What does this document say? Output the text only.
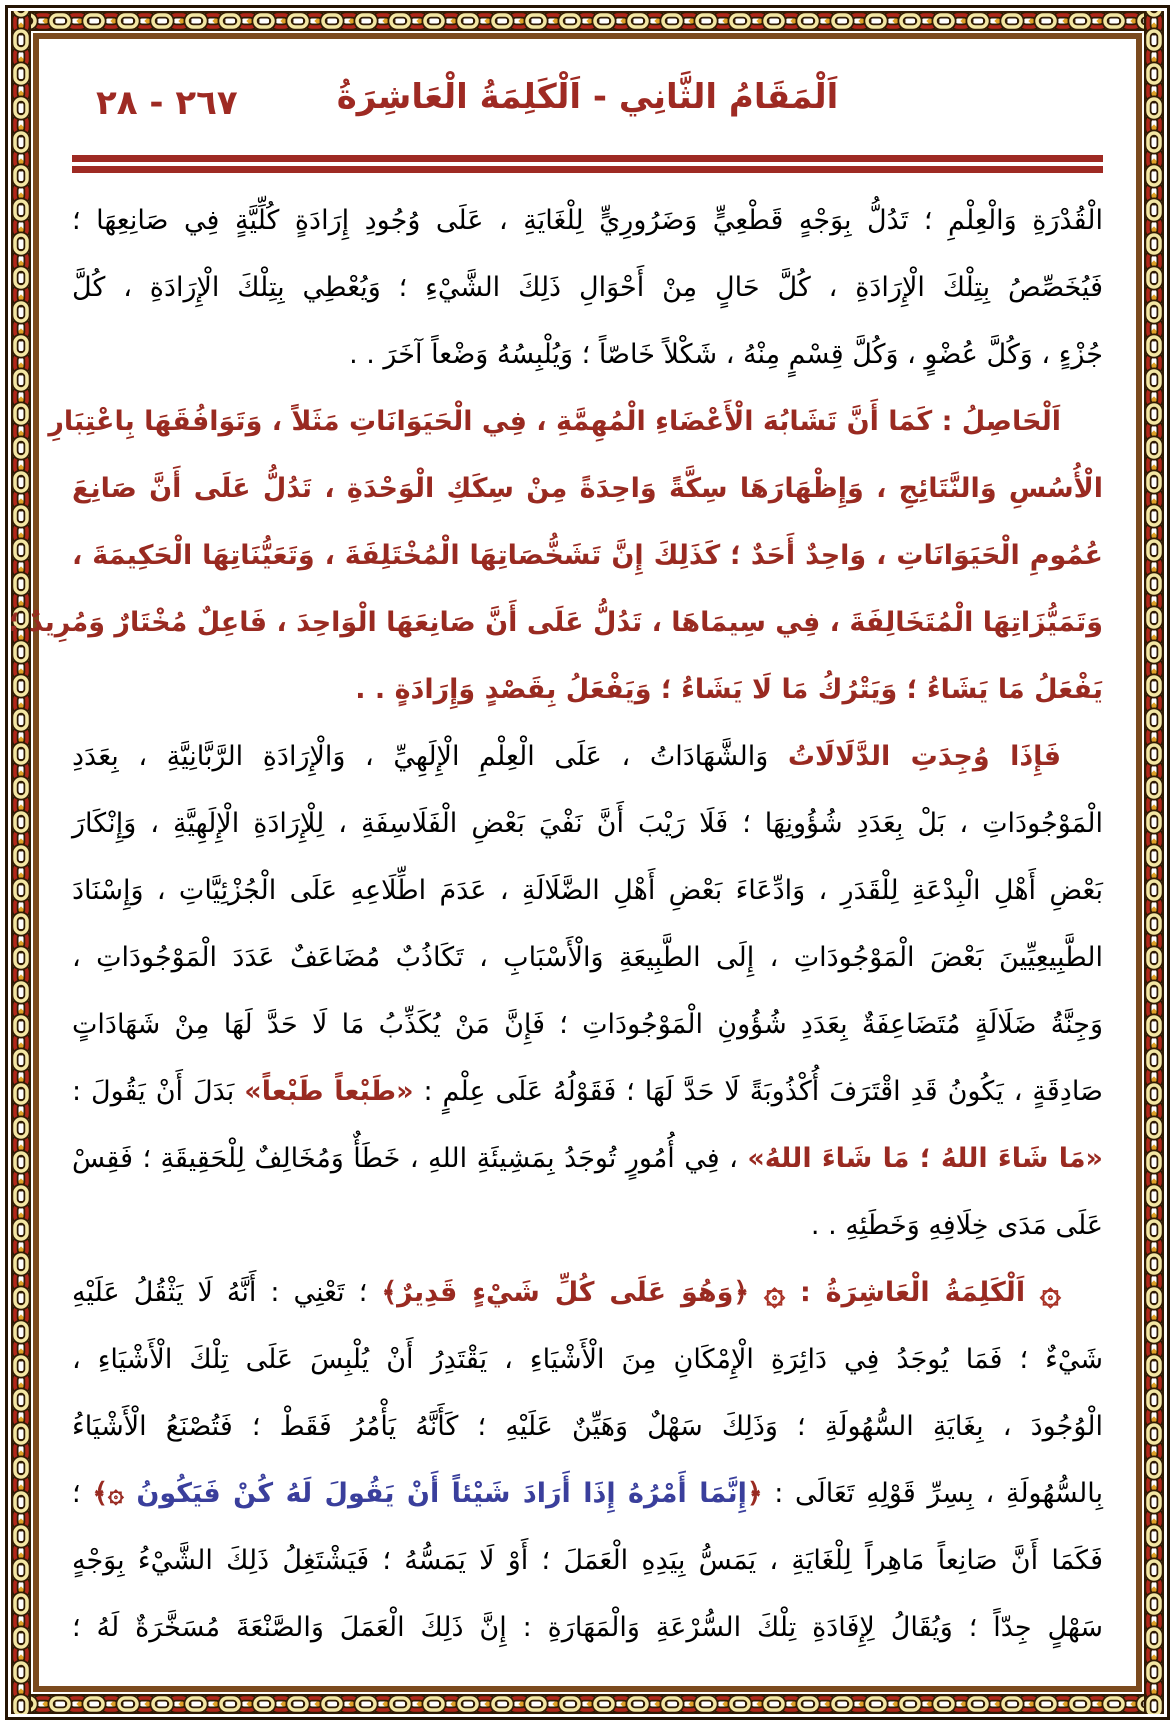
٢٦٧ - ٢٨	اَلْمَقَامُ الثَّانِي - اَلْكَلِمَةُ الْعَاشِرَةُ
الْقُدْرَةِ وَالْعِلْمِ ؛ تَدُلُّ بِوَجْهٍ قَطْعِيٍّ وَضَرُورِيٍّ لِلْغَايَةِ ، عَلَى وُجُودِ إِرَادَةٍ كُلِّيَّةٍ فِي صَانِعِهَا ؛
فَيُخَصِّصُ بِتِلْكَ الْإِرَادَةِ ، كُلَّ حَالٍ مِنْ أَحْوَالِ ذَلِكَ الشَّيْءِ ؛ وَيُعْطِي بِتِلْكَ الْإِرَادَةِ ، كُلَّ
جُزْءٍ ، وَكُلَّ عُضْوٍ ، وَكُلَّ قِسْمٍ مِنْهُ ، شَكْلاً خَاصّاً ؛ وَيُلْبِسُهُ وَضْعاً آخَرَ . .
اَلْحَاصِلُ : كَمَا أَنَّ تَشَابُهَ الْأَعْضَاءِ الْمُهِمَّةِ ، فِي الْحَيَوَانَاتِ مَثَلاً ، وَتَوَافُقَهَا بِاعْتِبَارِ
الْأُسُسِ وَالنَّتَائِجِ ، وَإِظْهَارَهَا سِكَّةً وَاحِدَةً مِنْ سِكَكِ الْوَحْدَةِ ، تَدُلُّ عَلَى أَنَّ صَانِعَ
عُمُومِ الْحَيَوَانَاتِ ، وَاحِدٌ أَحَدٌ ؛ كَذَلِكَ إِنَّ تَشَخُّصَاتِهَا الْمُخْتَلِفَةَ ، وَتَعَيُّنَاتِهَا الْحَكِيمَةَ ،
وَتَمَيُّزَاتِهَا الْمُتَخَالِفَةَ ، فِي سِيمَاهَا ، تَدُلُّ عَلَى أَنَّ صَانِعَهَا الْوَاحِدَ ، فَاعِلٌ مُخْتَارٌ وَمُرِيدٌ ؛
يَفْعَلُ مَا يَشَاءُ ؛ وَيَتْرُكُ مَا لَا يَشَاءُ ؛ وَيَفْعَلُ بِقَصْدٍ وَإِرَادَةٍ . .
فَإِذَا وُجِدَتِ الدَّلَالَاتُ وَالشَّهَادَاتُ ، عَلَى الْعِلْمِ الْإِلَهِيِّ ، وَالْإِرَادَةِ الرَّبَّانِيَّةِ ، بِعَدَدِ
الْمَوْجُودَاتِ ، بَلْ بِعَدَدِ شُؤُونِهَا ؛ فَلَا رَيْبَ أَنَّ نَفْيَ بَعْضِ الْفَلَاسِفَةِ ، لِلْإِرَادَةِ الْإِلَهِيَّةِ ، وَإِنْكَارَ
بَعْضِ أَهْلِ الْبِدْعَةِ لِلْقَدَرِ ، وَادِّعَاءَ بَعْضِ أَهْلِ الضَّلَالَةِ ، عَدَمَ اطِّلَاعِهِ عَلَى الْجُزْئِيَّاتِ ، وَإِسْنَادَ
الطَّبِيعِيِّينَ بَعْضَ الْمَوْجُودَاتِ ، إِلَى الطَّبِيعَةِ وَالْأَسْبَابِ ، تَكَاذُبٌ مُضَاعَفٌ عَدَدَ الْمَوْجُودَاتِ ،
وَجِنَّةُ ضَلَالَةٍ مُتَضَاعِفَةٌ بِعَدَدِ شُؤُونِ الْمَوْجُودَاتِ ؛ فَإِنَّ مَنْ يُكَذِّبُ مَا لَا حَدَّ لَهَا مِنْ شَهَادَاتٍ
صَادِقَةٍ ، يَكُونُ قَدِ اقْتَرَفَ أُكْذُوبَةً لَا حَدَّ لَهَا ؛ فَقَوْلُهُ عَلَى عِلْمٍ : «طَبْعاً طَبْعاً» بَدَلَ أَنْ يَقُولَ :
«مَا شَاءَ اللهُ ؛ مَا شَاءَ اللهُ» ، فِي أُمُورٍ تُوجَدُ بِمَشِيئَةِ اللهِ ، خَطَأٌ وَمُخَالِفٌ لِلْحَقِيقَةِ ؛ فَقِسْ
عَلَى مَدَى خِلَافِهِ وَخَطَئِهِ . .
۞ اَلْكَلِمَةُ الْعَاشِرَةُ : ۞ ﴿وَهُوَ عَلَى كُلِّ شَيْءٍ قَدِيرٌ﴾ ؛ تَعْنِي : أَنَّهُ لَا يَثْقُلُ عَلَيْهِ
شَيْءٌ ؛ فَمَا يُوجَدُ فِي دَائِرَةِ الْإِمْكَانِ مِنَ الْأَشْيَاءِ ، يَقْتَدِرُ أَنْ يُلْبِسَ عَلَى تِلْكَ الْأَشْيَاءِ ،
الْوُجُودَ ، بِغَايَةِ السُّهُولَةِ ؛ وَذَلِكَ سَهْلٌ وَهَيِّنٌ عَلَيْهِ ؛ كَأَنَّهُ يَأْمُرُ فَقَطْ ؛ فَتُصْنَعُ الْأَشْيَاءُ
بِالسُّهُولَةِ ، بِسِرِّ قَوْلِهِ تَعَالَى : ﴿إِنَّمَا أَمْرُهُ إِذَا أَرَادَ شَيْئاً أَنْ يَقُولَ لَهُ كُنْ فَيَكُونُ ۞﴾ ؛
فَكَمَا أَنَّ صَانِعاً مَاهِراً لِلْغَايَةِ ، يَمَسُّ بِيَدِهِ الْعَمَلَ ؛ أَوْ لَا يَمَسُّهُ ؛ فَيَشْتَغِلُ ذَلِكَ الشَّيْءُ بِوَجْهٍ
سَهْلٍ جِدّاً ؛ وَيُقَالُ لِإِفَادَةِ تِلْكَ السُّرْعَةِ وَالْمَهَارَةِ : إِنَّ ذَلِكَ الْعَمَلَ وَالصَّنْعَةَ مُسَخَّرَةٌ لَهُ ؛
